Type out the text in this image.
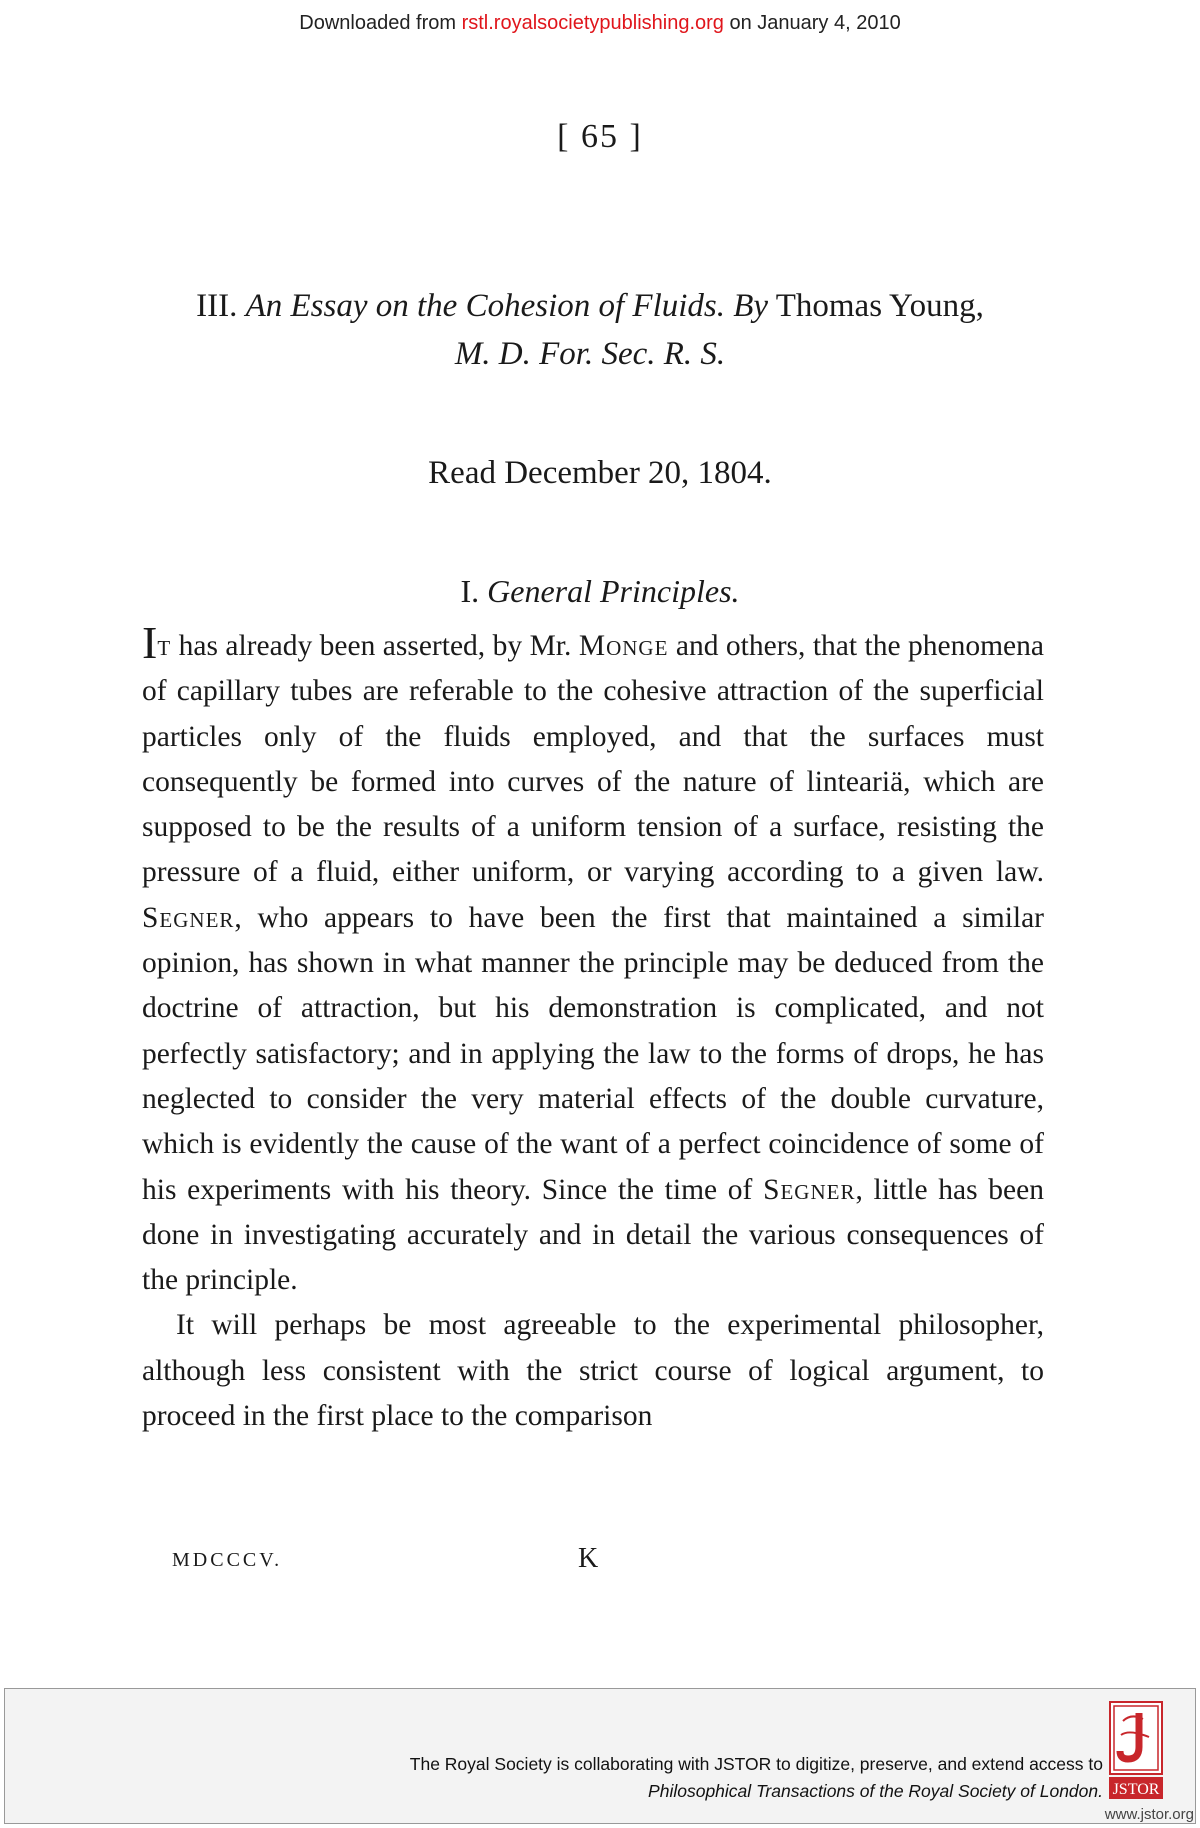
Downloaded from rstl.royalsocietypublishing.org on January 4, 2010
[ 65 ]
III. An Essay on the Cohesion of Fluids. By Thomas Young,
M. D. For. Sec. R. S.
Read December 20, 1804.
I. General Principles.

It has already been asserted, by Mr. Monge and others, that the phenomena of capillary tubes are referable to the cohesive attraction of the superficial particles only of the fluids employed, and that the surfaces must consequently be formed into curves of the nature of linteariä, which are supposed to be the results of a uniform tension of a surface, resisting the pressure of a fluid, either uniform, or varying according to a given law. Segner, who appears to have been the first that maintained a similar opinion, has shown in what manner the principle may be deduced from the doctrine of attraction, but his demonstration is complicated, and not perfectly satisfactory; and in applying the law to the forms of drops, he has neglected to consider the very material effects of the double curvature, which is evidently the cause of the want of a perfect coincidence of some of his experiments with his theory. Since the time of Segner, little has been done in investigating accurately and in detail the various consequences of the principle.

It will perhaps be most agreeable to the experimental philosopher, although less consistent with the strict course of logical argument, to proceed in the first place to the comparison

MDCCCV.	K
The Royal Society is collaborating with JSTOR to digitize, preserve, and extend access to
Philosophical Transactions of the Royal Society of London. JSTOR
www.jstor.org
